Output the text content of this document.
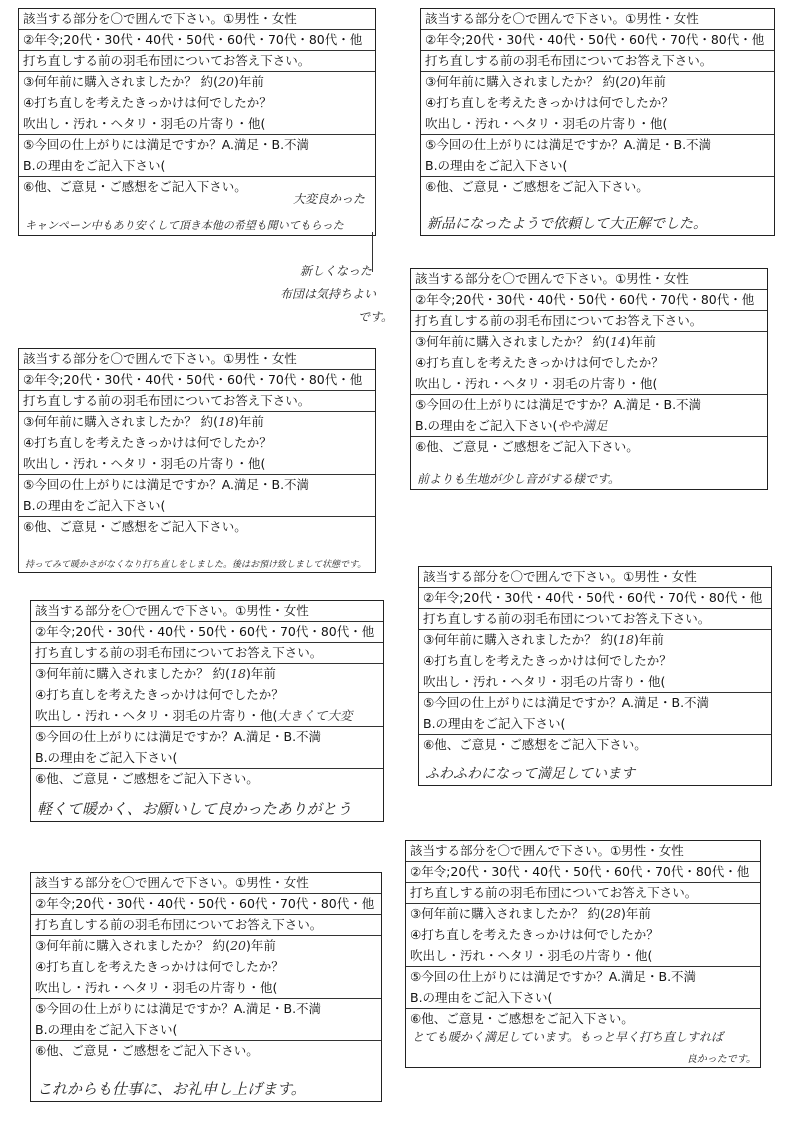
該当する部分を〇で囲んで下さい。①男性・女性
②年令;20代・30代・40代・50代・60代・70代・80代・他
打ち直しする前の羽毛布団についてお答え下さい。
③何年前に購入されましたか？ 約(20)年前
④打ち直しを考えたきっかけは何でしたか？
吹出し・汚れ・ヘタリ・羽毛の片寄り・他(
⑤今回の仕上がりには満足ですか？A.満足・B.不満
B.の理由をご記入下さい(
⑥他、ご意見・ご感想をご記入下さい。
キャンペーン中もあり安くして頂き本他の希望も聞いてもらった
大変良かった
該当する部分を〇で囲んで下さい。①男性・女性
②年令;20代・30代・40代・50代・60代・70代・80代・他
打ち直しする前の羽毛布団についてお答え下さい。
③何年前に購入されましたか？ 約(20)年前
④打ち直しを考えたきっかけは何でしたか？
吹出し・汚れ・ヘタリ・羽毛の片寄り・他(
⑤今回の仕上がりには満足ですか？A.満足・B.不満
B.の理由をご記入下さい(
⑥他、ご意見・ご感想をご記入下さい。
新品になったようで依頼して大正解でした。
新しくなった
布団は気持ちよい
です。
該当する部分を〇で囲んで下さい。①男性・女性
②年令;20代・30代・40代・50代・60代・70代・80代・他
打ち直しする前の羽毛布団についてお答え下さい。
③何年前に購入されましたか？ 約(14)年前
④打ち直しを考えたきっかけは何でしたか？
吹出し・汚れ・ヘタリ・羽毛の片寄り・他(
⑤今回の仕上がりには満足ですか？A.満足・B.不満
B.の理由をご記入下さい(やや満足
⑥他、ご意見・ご感想をご記入下さい。
前よりも生地が少し音がする様です。
該当する部分を〇で囲んで下さい。①男性・女性
②年令;20代・30代・40代・50代・60代・70代・80代・他
打ち直しする前の羽毛布団についてお答え下さい。
③何年前に購入されましたか？ 約(18)年前
④打ち直しを考えたきっかけは何でしたか？
吹出し・汚れ・ヘタリ・羽毛の片寄り・他(
⑤今回の仕上がりには満足ですか？A.満足・B.不満
B.の理由をご記入下さい(
⑥他、ご意見・ご感想をご記入下さい。
持ってみて暖かさがなくなり打ち直しをしました。後はお預け致しまして状態です。
該当する部分を〇で囲んで下さい。①男性・女性
②年令;20代・30代・40代・50代・60代・70代・80代・他
打ち直しする前の羽毛布団についてお答え下さい。
③何年前に購入されましたか？ 約(18)年前
④打ち直しを考えたきっかけは何でしたか？
吹出し・汚れ・ヘタリ・羽毛の片寄り・他(
⑤今回の仕上がりには満足ですか？A.満足・B.不満
B.の理由をご記入下さい(
⑥他、ご意見・ご感想をご記入下さい。
ふわふわになって満足しています
該当する部分を〇で囲んで下さい。①男性・女性
②年令;20代・30代・40代・50代・60代・70代・80代・他
打ち直しする前の羽毛布団についてお答え下さい。
③何年前に購入されましたか？ 約(18)年前
④打ち直しを考えたきっかけは何でしたか？
吹出し・汚れ・ヘタリ・羽毛の片寄り・他(大きくて大変
⑤今回の仕上がりには満足ですか？A.満足・B.不満
B.の理由をご記入下さい(
⑥他、ご意見・ご感想をご記入下さい。
軽くて暖かく、お願いして良かったありがとう
該当する部分を〇で囲んで下さい。①男性・女性
②年令;20代・30代・40代・50代・60代・70代・80代・他
打ち直しする前の羽毛布団についてお答え下さい。
③何年前に購入されましたか？ 約(28)年前
④打ち直しを考えたきっかけは何でしたか？
吹出し・汚れ・ヘタリ・羽毛の片寄り・他(
⑤今回の仕上がりには満足ですか？A.満足・B.不満
B.の理由をご記入下さい(
⑥他、ご意見・ご感想をご記入下さい。
とても暖かく満足しています。もっと早く打ち直しすれば
良かったです。
該当する部分を〇で囲んで下さい。①男性・女性
②年令;20代・30代・40代・50代・60代・70代・80代・他
打ち直しする前の羽毛布団についてお答え下さい。
③何年前に購入されましたか？ 約(20)年前
④打ち直しを考えたきっかけは何でしたか？
吹出し・汚れ・ヘタリ・羽毛の片寄り・他(
⑤今回の仕上がりには満足ですか？A.満足・B.不満
B.の理由をご記入下さい(
⑥他、ご意見・ご感想をご記入下さい。
これからも仕事に、お礼申し上げます。
